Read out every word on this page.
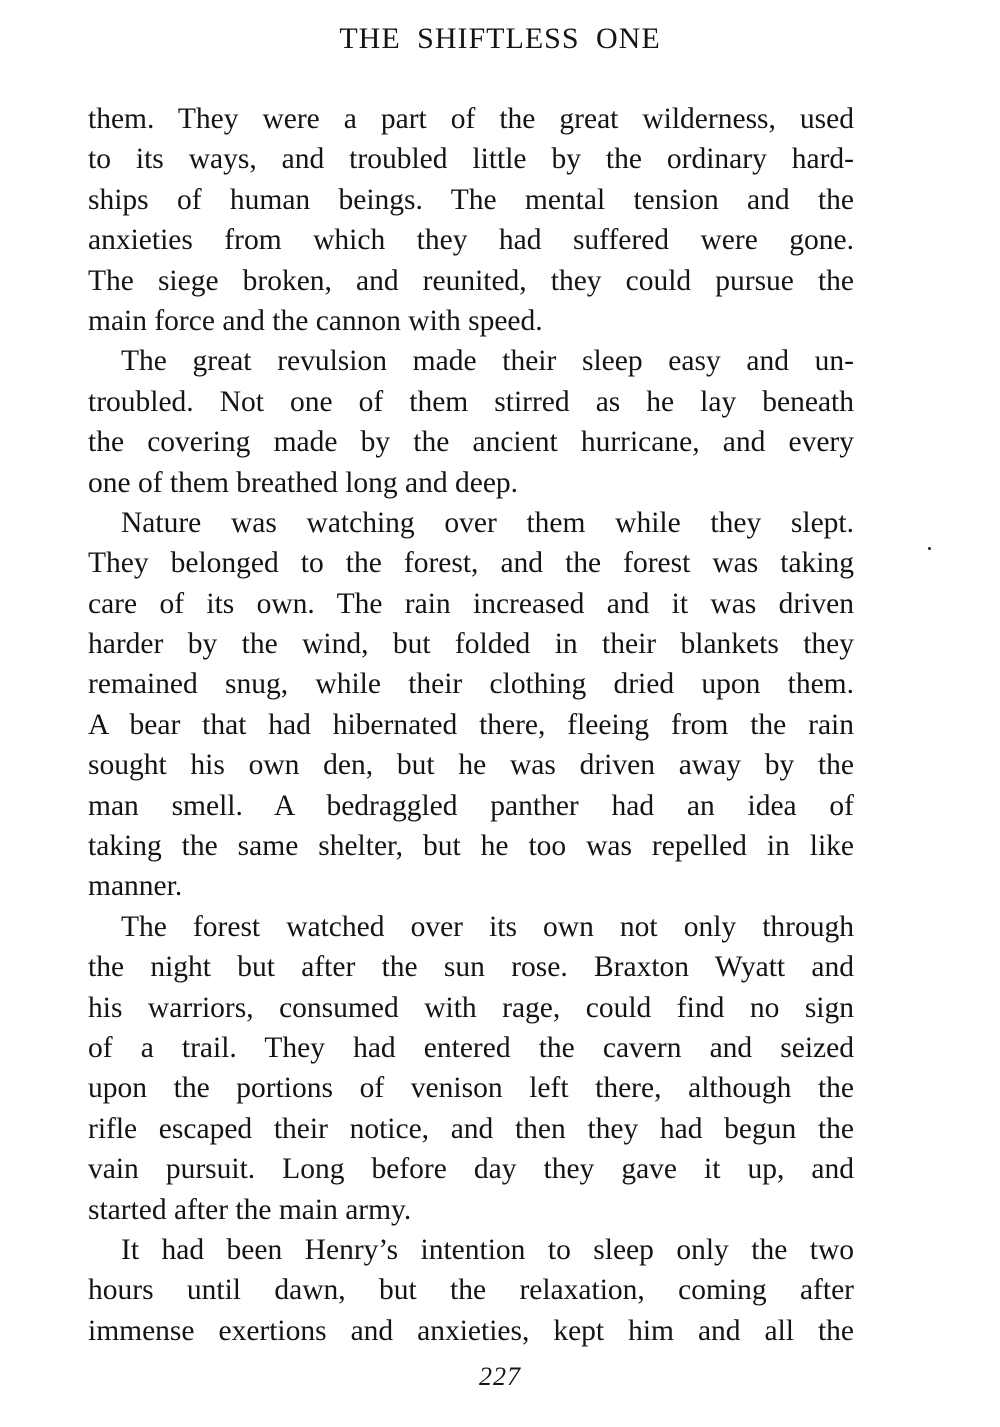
THE SHIFTLESS ONE
them. They were a part of the great wilderness, used
to its ways, and troubled little by the ordinary hard-
ships of human beings. The mental tension and the
anxieties from which they had suffered were gone.
The siege broken, and reunited, they could pursue the
main force and the cannon with speed.
The great revulsion made their sleep easy and un-
troubled. Not one of them stirred as he lay beneath
the covering made by the ancient hurricane, and every
one of them breathed long and deep.
Nature was watching over them while they slept.
They belonged to the forest, and the forest was taking
care of its own. The rain increased and it was driven
harder by the wind, but folded in their blankets they
remained snug, while their clothing dried upon them.
A bear that had hibernated there, fleeing from the rain
sought his own den, but he was driven away by the
man smell. A bedraggled panther had an idea of
taking the same shelter, but he too was repelled in like
manner.
The forest watched over its own not only through
the night but after the sun rose. Braxton Wyatt and
his warriors, consumed with rage, could find no sign
of a trail. They had entered the cavern and seized
upon the portions of venison left there, although the
rifle escaped their notice, and then they had begun the
vain pursuit. Long before day they gave it up, and
started after the main army.
It had been Henry’s intention to sleep only the two
hours until dawn, but the relaxation, coming after
immense exertions and anxieties, kept him and all the
227
